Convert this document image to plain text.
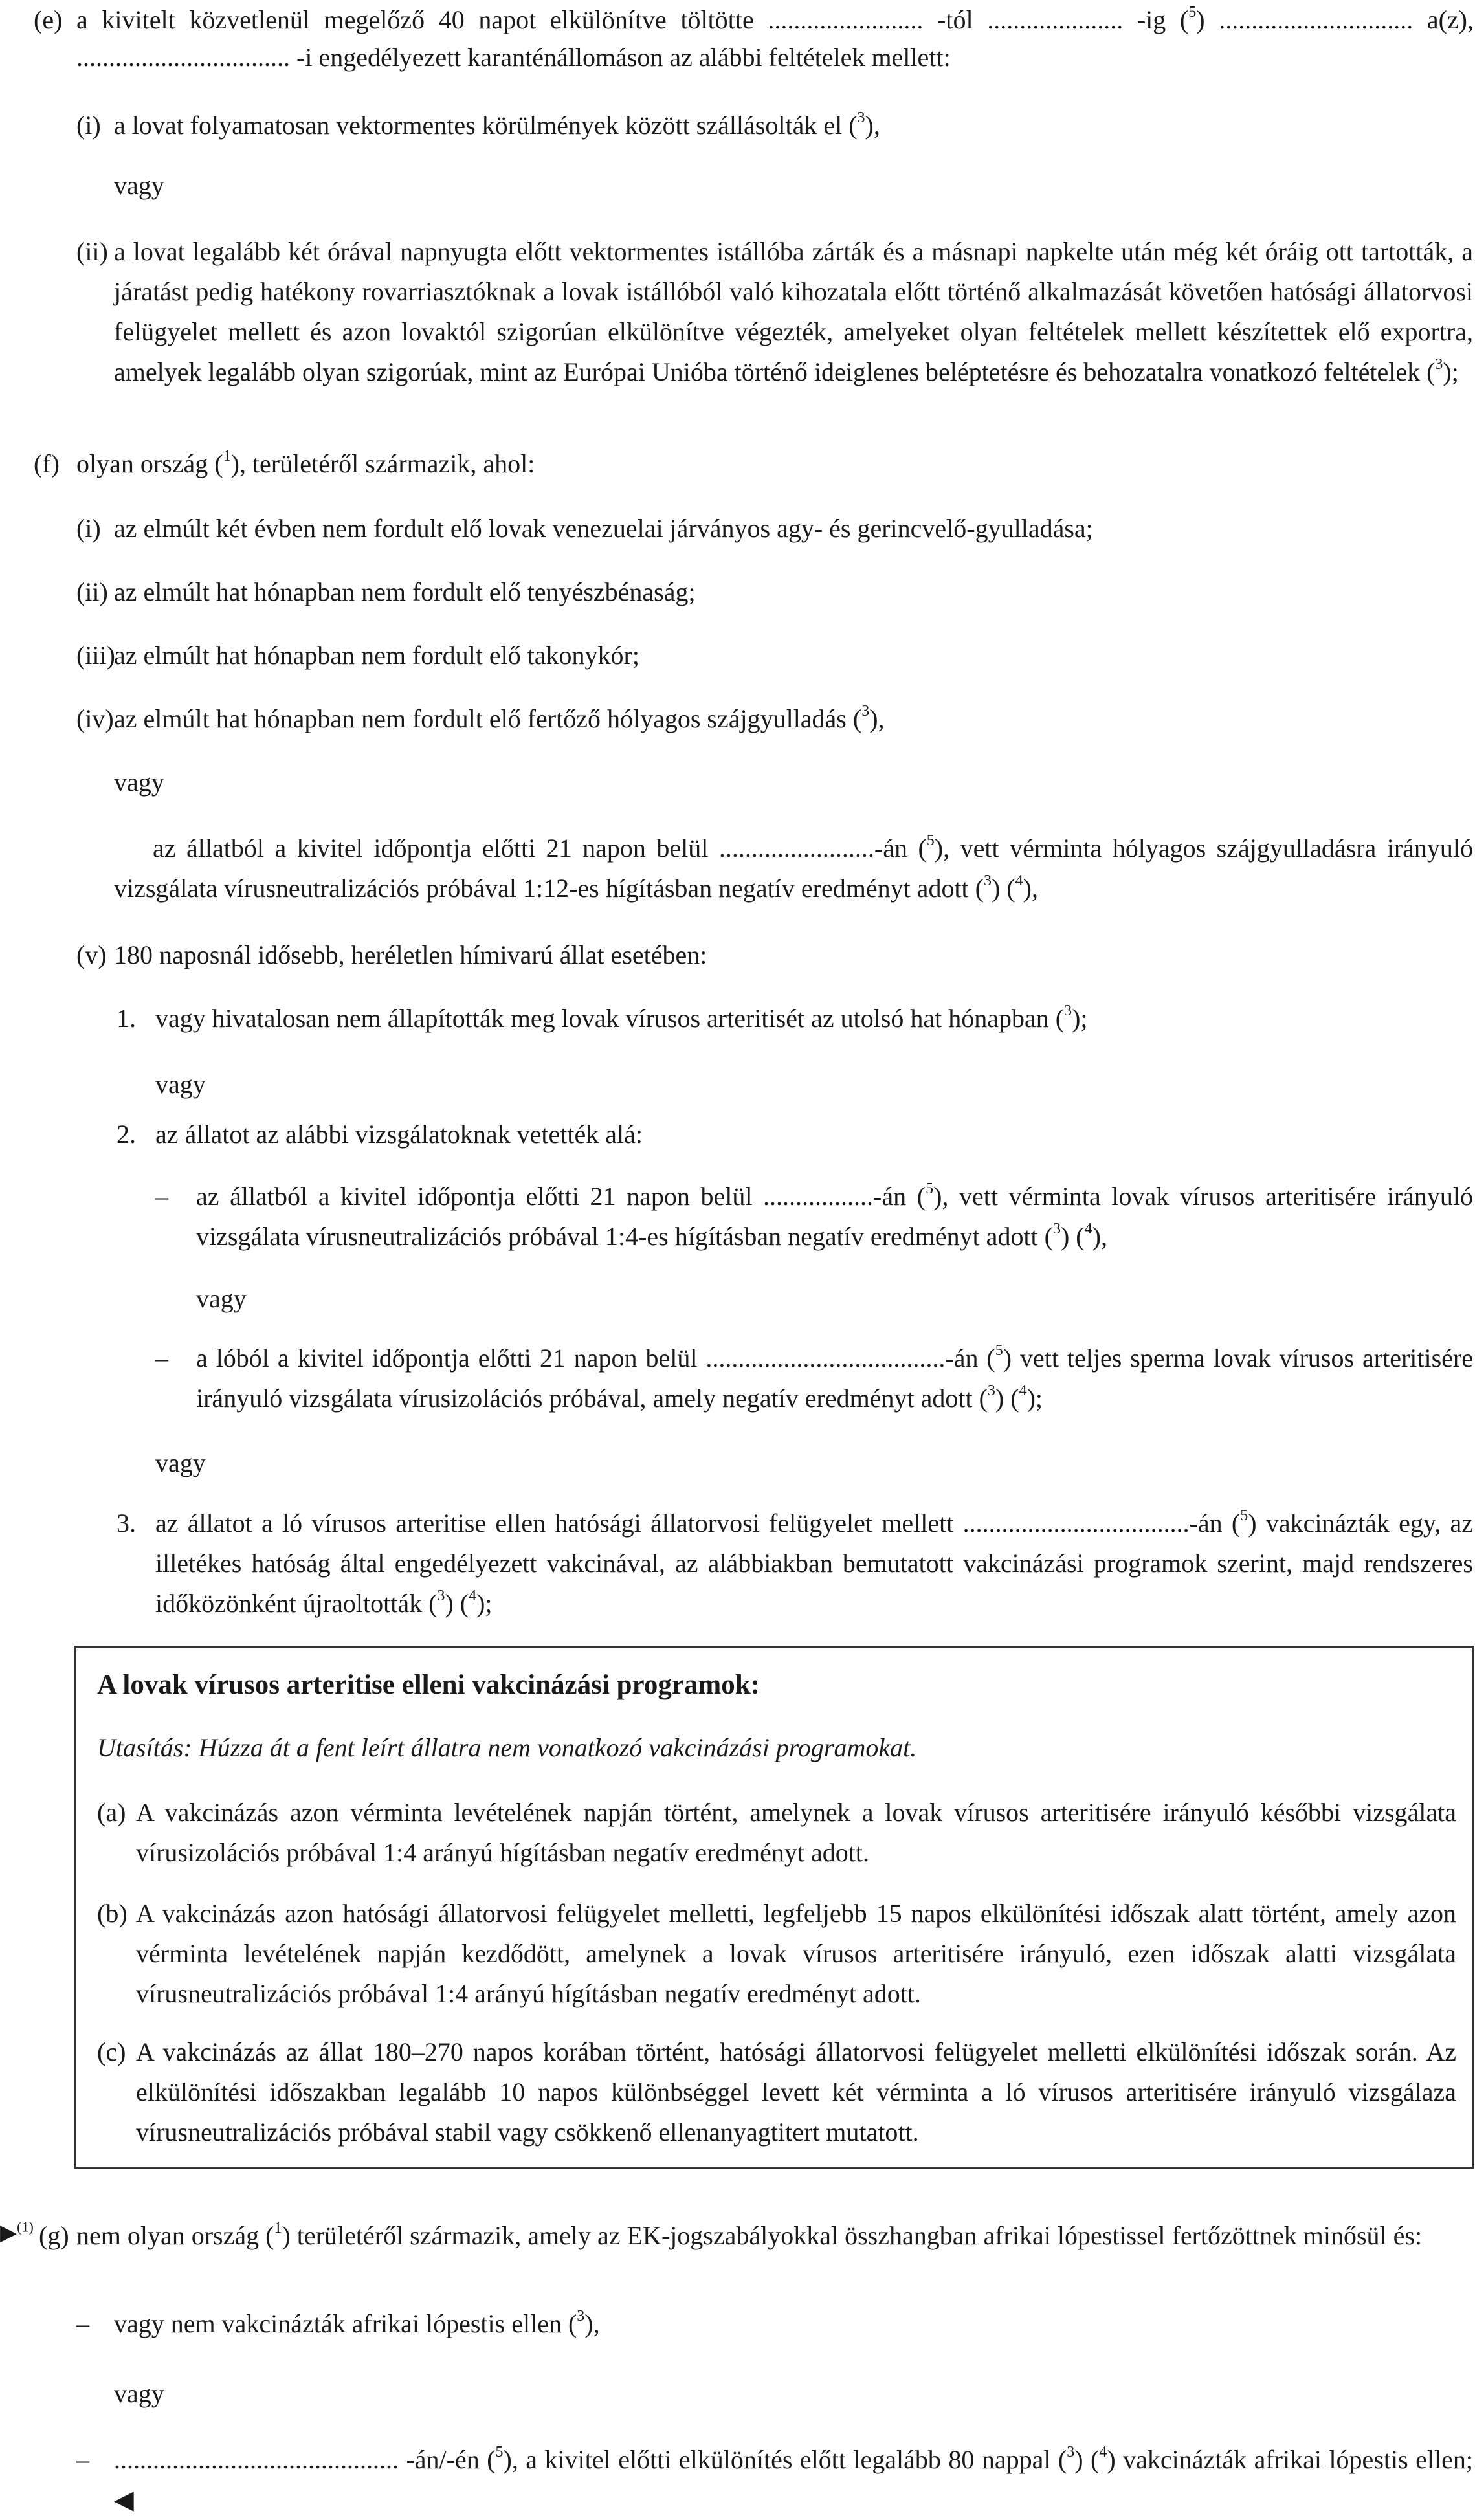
(e) a kivitelt közvetlenül megelőző 40 napot elkülönítve töltötte ........................ -tól ..................... -ig ($^5$) .............................. a(z),
................................. -i engedélyezett karanténállomáson az alábbi feltételek mellett:
(i) a lovat folyamatosan vektormentes körülmények között szállásolták el ($^3$),
vagy
(ii) a lovat legalább két órával napnyugta előtt vektormentes istállóba zárták és a másnapi napkelte után még két óráig ott tartották, a járatást pedig hatékony rovarriasztóknak a lovak istállóból való kihozatala előtt történő alkalmazását követően hatósági állatorvosi felügyelet mellett és azon lovaktól szigorúan elkülönítve végezték, amelyeket olyan feltételek mellett készítettek elő exportra, amelyek legalább olyan szigorúak, mint az Európai Unióba történő ideiglenes beléptetésre és behozatalra vonatkozó feltételek ($^3$);
(f) olyan ország ($^1$), területéről származik, ahol:
(i) az elmúlt két évben nem fordult elő lovak venezuelai járványos agy- és gerincvelő-gyulladása;
(ii) az elmúlt hat hónapban nem fordult elő tenyészbénaság;
(iii)
az elmúlt hat hónapban nem fordult elő takonykór;
(iv) az elmúlt hat hónapban nem fordult elő fertőző hólyagos szájgyulladás ($^3$),
vagy
az állatból a kivitel időpontja előtti 21 napon belül ........................-án ($^5$), vett vérminta hólyagos szájgyulladásra irányuló vizsgálata vírusneutralizációs próbával 1:12-es hígításban negatív eredményt adott ($^3$) ($^4$),
(v) 180 naposnál idősebb, heréletlen hímivarú állat esetében:
1. vagy hivatalosan nem állapították meg lovak vírusos arteritisét az utolsó hat hónapban ($^3$);
vagy
2. az állatot az alábbi vizsgálatoknak vetették alá:
– az állatból a kivitel időpontja előtti 21 napon belül .................-án ($^5$), vett vérminta lovak vírusos arteritisére irányuló vizsgálata vírusneutralizációs próbával 1:4-es hígításban negatív eredményt adott ($^3$) ($^4$),
vagy
– a lóból a kivitel időpontja előtti 21 napon belül .....................................-án ($^5$) vett teljes sperma lovak vírusos arteritisére irányuló vizsgálata vírusizolációs próbával, amely negatív eredményt adott ($^3$) ($^4$);
vagy
3. az állatot a ló vírusos arteritise ellen hatósági állatorvosi felügyelet mellett ...................................-án ($^5$) vakcinázták egy, az illetékes hatóság által engedélyezett vakcinával, az alábbiakban bemutatott vakcinázási programok szerint, majd rendszeres időközönként újraoltották ($^3$) ($^4$);
A lovak vírusos arteritise elleni vakcinázási programok:
Utasítás: Húzza át a fent leírt állatra nem vonatkozó vakcinázási programokat.
(a) A vakcinázás azon vérminta levételének napján történt, amelynek a lovak vírusos arteritisére irányuló későbbi vizsgálata vírusizolációs próbával 1:4 arányú hígításban negatív eredményt adott.
(b) A vakcinázás azon hatósági állatorvosi felügyelet melletti, legfeljebb 15 napos elkülönítési időszak alatt történt, amely azon vérminta levételének napján kezdődött, amelynek a lovak vírusos arteritisére irányuló, ezen időszak alatti vizsgálata vírusneutralizációs próbával 1:4 arányú hígításban negatív eredményt adott.
(c) A vakcinázás az állat 180–270 napos korában történt, hatósági állatorvosi felügyelet melletti elkülönítési időszak során. Az elkülönítési időszakban legalább 10 napos különbséggel levett két vérminta a ló vírusos arteritisére irányuló vizsgálaza vírusneutralizációs próbával stabil vagy csökkenő ellenanyagtitert mutatott.
▶$^{(1)}$ (g) nem olyan ország ($^1$) területéről származik, amely az EK-jogszabályokkal összhangban afrikai lópestissel fertőzöttnek minősül és:
– vagy nem vakcinázták afrikai lópestis ellen ($^3$),
vagy
– ............................................ -án/-én ($^5$), a kivitel előtti elkülönítés előtt legalább 80 nappal ($^3$) ($^4$) vakcinázták afrikai lópestis ellen; ◀
